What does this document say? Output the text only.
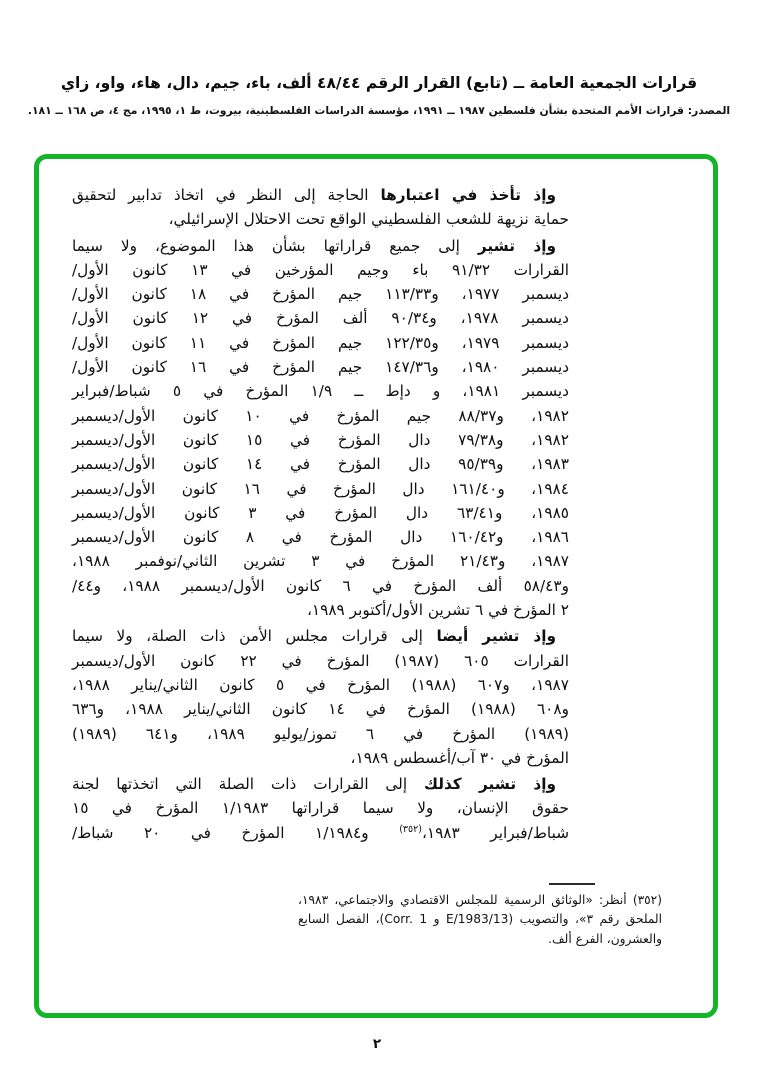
قرارات الجمعية العامة ــ (تابع) القرار الرقم ٤٨/٤٤ ألف، باء، جيم، دال، هاء، واو، زاي
المصدر: قرارات الأمم المتحدة بشأن فلسطين ١٩٨٧ ــ ١٩٩١، مؤسسة الدراسات الفلسطينية، بيروت، ط ١، ١٩٩٥، مج ٤، ص ١٦٨ ــ ١٨١.
وإذ تأخذ في اعتبارها الحاجة إلى النظر في اتخاذ تدابير لتحقيق
حماية نزيهة للشعب الفلسطيني الواقع تحت الاحتلال الإسرائيلي،
وإذ تشير إلى جميع قراراتها بشأن هذا الموضوع، ولا سيما
القرارات ٩١/٣٢ باء وجيم المؤرخين في ١٣ كانون الأول/
ديسمبر ١٩٧٧، و١١٣/٣٣ جيم المؤرخ في ١٨ كانون الأول/
ديسمبر ١٩٧٨، و٩٠/٣٤ ألف المؤرخ في ١٢ كانون الأول/
ديسمبر ١٩٧٩، و١٢٢/٣٥ جيم المؤرخ في ١١ كانون الأول/
ديسمبر ١٩٨٠، و١٤٧/٣٦ جيم المؤرخ في ١٦ كانون الأول/
ديسمبر ١٩٨١، و دإط ــ ١/٩ المؤرخ في ٥ شباط/فبراير
١٩٨٢، و٨٨/٣٧ جيم المؤرخ في ١٠ كانون الأول/ديسمبر
١٩٨٢، و٧٩/٣٨ دال المؤرخ في ١٥ كانون الأول/ديسمبر
١٩٨٣، و٩٥/٣٩ دال المؤرخ في ١٤ كانون الأول/ديسمبر
١٩٨٤، و١٦١/٤٠ دال المؤرخ في ١٦ كانون الأول/ديسمبر
١٩٨٥، و٦٣/٤١ دال المؤرخ في ٣ كانون الأول/ديسمبر
١٩٨٦، و١٦٠/٤٢ دال المؤرخ في ٨ كانون الأول/ديسمبر
١٩٨٧، و٢١/٤٣ المؤرخ في ٣ تشرين الثاني/نوفمبر ١٩٨٨،
و٥٨/٤٣ ألف المؤرخ في ٦ كانون الأول/ديسمبر ١٩٨٨، و٤٤/
٢ المؤرخ في ٦ تشرين الأول/أكتوبر ١٩٨٩،
وإذ تشير أيضا إلى قرارات مجلس الأمن ذات الصلة، ولا سيما
القرارات ٦٠٥ (١٩٨٧) المؤرخ في ٢٢ كانون الأول/ديسمبر
١٩٨٧، و٦٠٧ (١٩٨٨) المؤرخ في ٥ كانون الثاني/يناير ١٩٨٨،
و٦٠٨ (١٩٨٨) المؤرخ في ١٤ كانون الثاني/يناير ١٩٨٨، و٦٣٦
(١٩٨٩) المؤرخ في ٦ تموز/يوليو ١٩٨٩، و٦٤١ (١٩٨٩)
المؤرخ في ٣٠ آب/أغسطس ١٩٨٩،
وإذ تشير كذلك إلى القرارات ذات الصلة التي اتخذتها لجنة
حقوق الإنسان، ولا سيما قراراتها ١/١٩٨٣ المؤرخ في ١٥
شباط/فبراير ١٩٨٣،$^{(٣٥٢)}$ و١/١٩٨٤ المؤرخ في ٢٠ شباط/
(٣٥٢) أنظر: «الوثائق الرسمية للمجلس الاقتصادي والاجتماعي، ١٩٨٣،
الملحق رقم ٣»، والتصويب (E/1983/13 و Corr. 1)، الفصل السابع
والعشرون، الفرع ألف.
٢
